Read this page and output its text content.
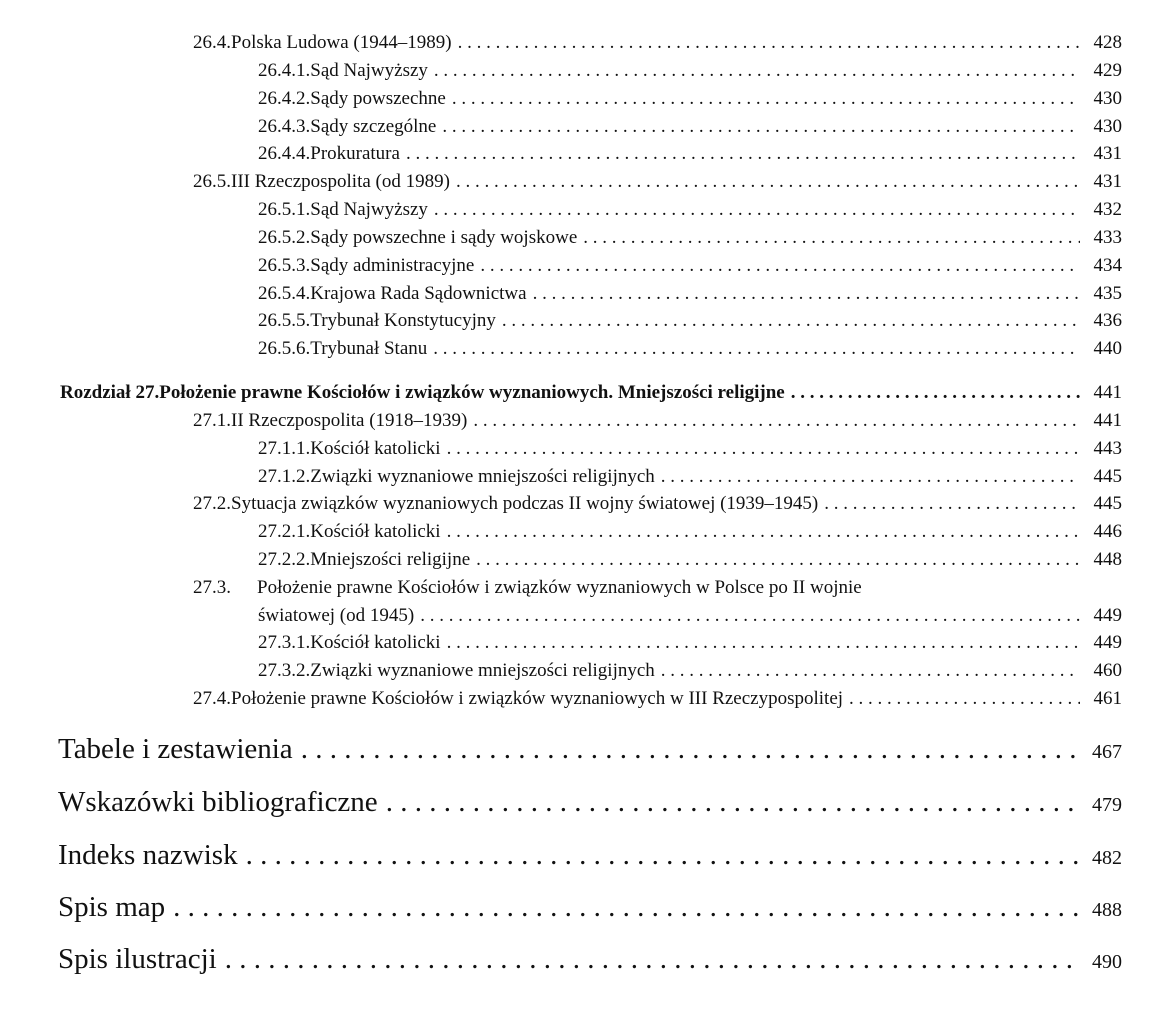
26.4. Polska Ludowa (1944–1989) . . .	428
26.4.1. Sąd Najwyższy . . .	429
26.4.2. Sądy powszechne . . .	430
26.4.3. Sądy szczególne . . .	430
26.4.4. Prokuratura . . .	431
26.5. III Rzeczpospolita (od 1989) . . .	431
26.5.1. Sąd Najwyższy . . .	432
26.5.2. Sądy powszechne i sądy wojskowe . . .	433
26.5.3. Sądy administracyjne . . .	434
26.5.4. Krajowa Rada Sądownictwa . . .	435
26.5.5. Trybunał Konstytucyjny . . .	436
26.5.6. Trybunał Stanu . . .	440
Rozdział 27. Położenie prawne Kościołów i związków wyznaniowych. Mniejszości religijne . . .	441
27.1. II Rzeczpospolita (1918–1939) . . .	441
27.1.1. Kościół katolicki . . .	443
27.1.2. Związki wyznaniowe mniejszości religijnych . . .	445
27.2. Sytuacja związków wyznaniowych podczas II wojny światowej (1939–1945) . . .	445
27.2.1. Kościół katolicki . . .	446
27.2.2. Mniejszości religijne . . .	448
27.3.	Położenie prawne Kościołów i związków wyznaniowych w Polsce po II wojnie
światowej (od 1945) . . .	449
27.3.1. Kościół katolicki . . .	449
27.3.2. Związki wyznaniowe mniejszości religijnych . . .	460
27.4. Położenie prawne Kościołów i związków wyznaniowych w III Rzeczypospolitej . . .	461
Tabele i zestawienia . . .	467
Wskazówki bibliograficzne . . .	479
Indeks nazwisk . . .	482
Spis map . . .	488
Spis ilustracji . . .	490
